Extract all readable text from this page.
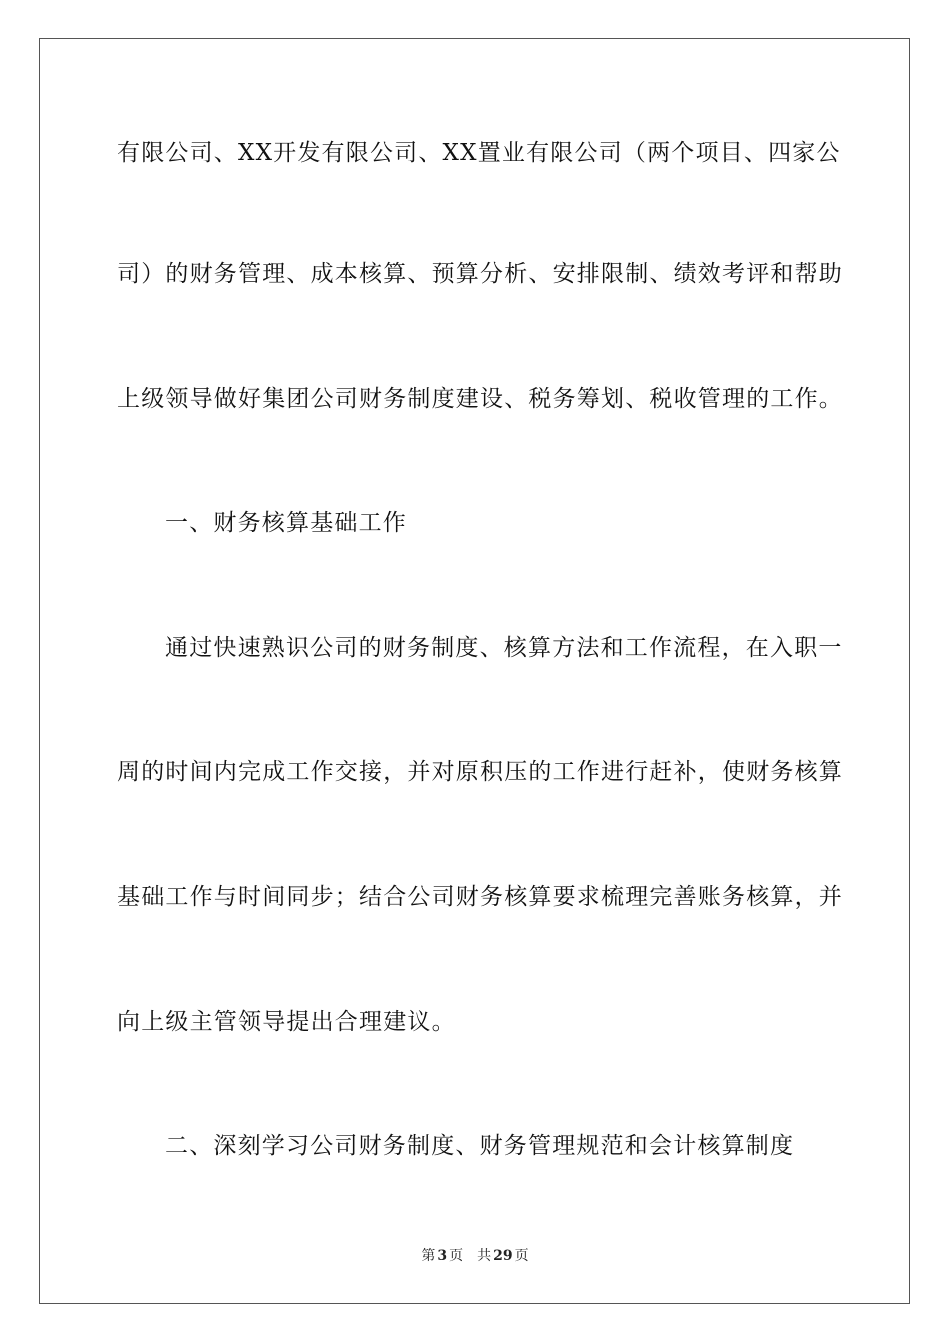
有限公司、XX开发有限公司、XX置业有限公司（两个项目、四家公
司）的财务管理、成本核算、预算分析、安排限制、绩效考评和帮助
上级领导做好集团公司财务制度建设、税务筹划、税收管理的工作。
一、财务核算基础工作
通过快速熟识公司的财务制度、核算方法和工作流程，在入职一
周的时间内完成工作交接，并对原积压的工作进行赶补，使财务核算
基础工作与时间同步；结合公司财务核算要求梳理完善账务核算，并
向上级主管领导提出合理建议。
二、深刻学习公司财务制度、财务管理规范和会计核算制度
第 3 页 共 29 页
